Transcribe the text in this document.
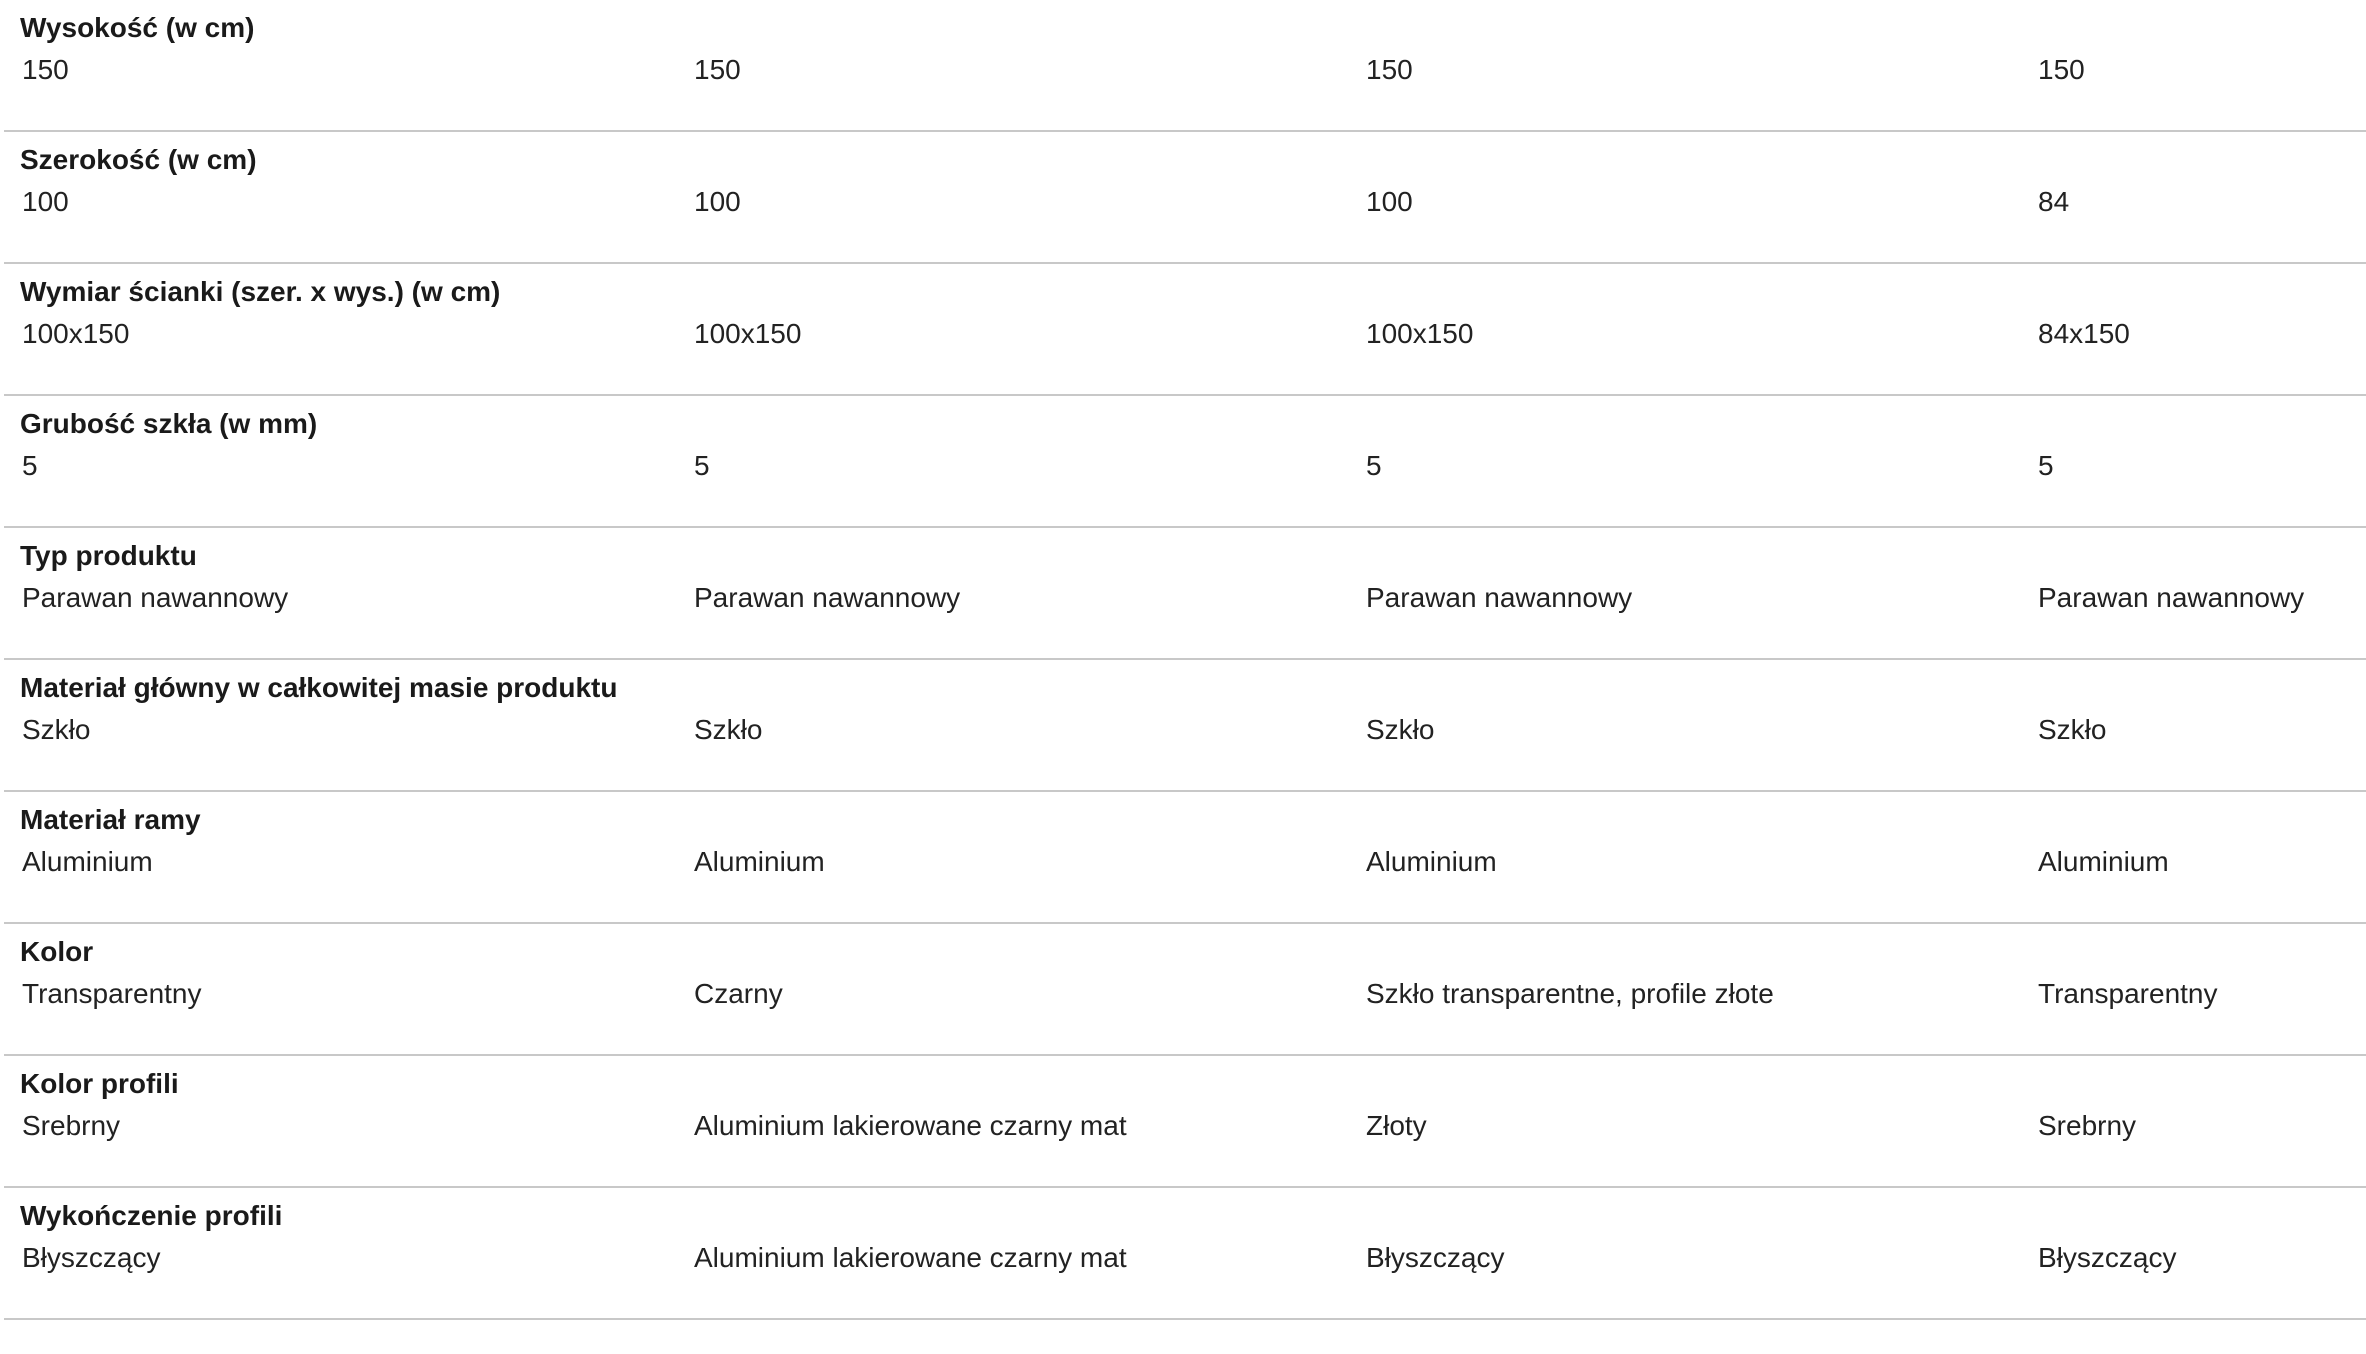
Wysokość (w cm)
150	150	150	150
Szerokość (w cm)
100	100	100	84
Wymiar ścianki (szer. x wys.) (w cm)
100x150	100x150	100x150	84x150
Grubość szkła (w mm)
5	5	5	5
Typ produktu
Parawan nawannowy	Parawan nawannowy	Parawan nawannowy	Parawan nawannowy
Materiał główny w całkowitej masie produktu
Szkło	Szkło	Szkło	Szkło
Materiał ramy
Aluminium	Aluminium	Aluminium	Aluminium
Kolor
Transparentny	Czarny	Szkło transparentne, profile złote	Transparentny
Kolor profili
Srebrny	Aluminium lakierowane czarny mat	Złoty	Srebrny
Wykończenie profili
Błyszczący	Aluminium lakierowane czarny mat	Błyszczący	Błyszczący
